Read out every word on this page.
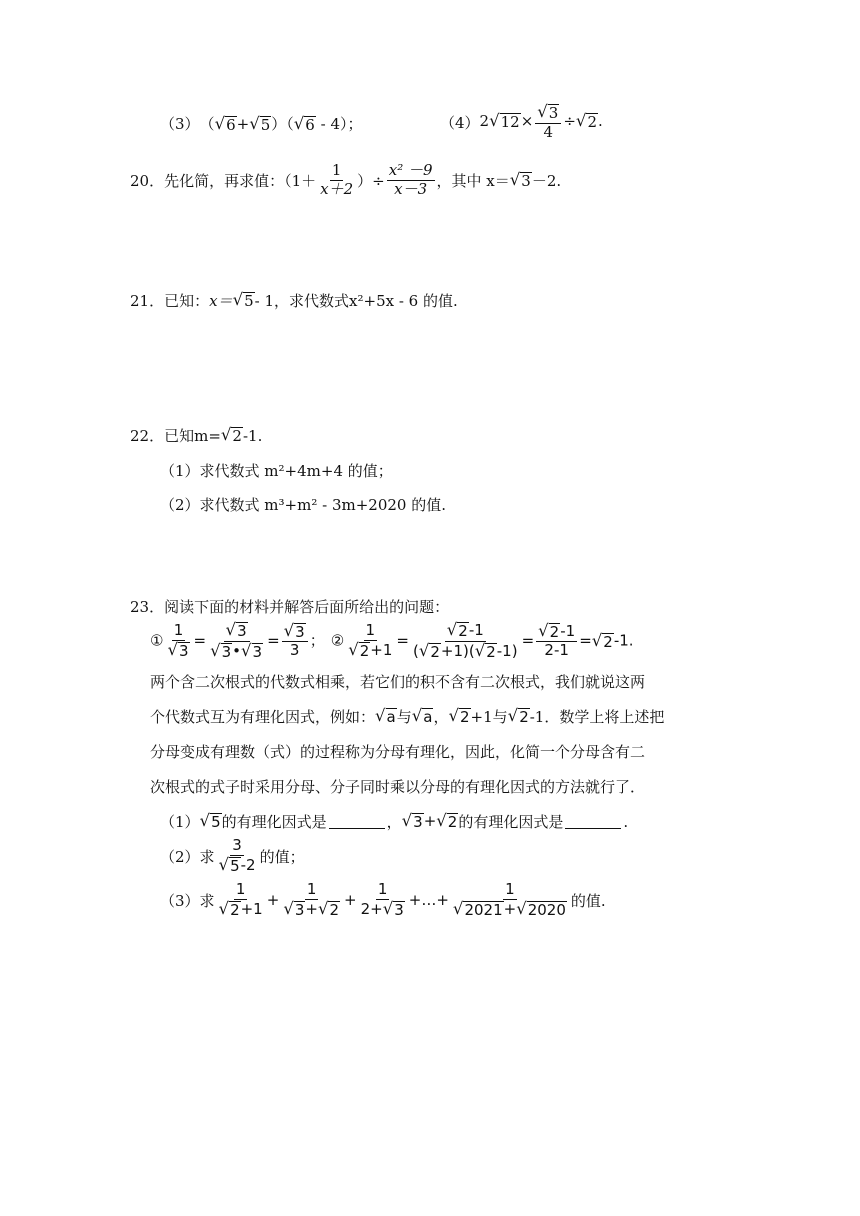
（3） （ √ 6 + √ 5 ）（ √ 6 - 4）；	（4） 2 √ $12 \times \frac{√ 3}{4}$ ÷ √ 2 .
20． 先化简，再求值：（$1+ \frac{1}{x+2}$ ）÷ $\frac{\text{x² －9}}{x-3}$ ，其中 x＝ √ 3 －2.
21． 已知： x＝ √ 5 - 1，求代数式 x²+5x - 6 的值.
22． 已知m= √ 2 -1.
（1）求代数式 m²+4m+4 的值；
（2）求代数式 m³+m² - 3m+2020 的值.
23． 阅读下面的材料并解答后面所给出的问题：
① $\frac{1}{√ 3} = \frac{√ 3}{√ 3 • √ 3} = \frac{√ 3}{3}$ ； ② $\frac{1}{√ 2 +1} = \frac{√ 2 -1}{( √ 2 +1)( √ 2 -1)} = \frac{√ 2 -1}{2-1}$ = √ 2 -1.
两个含二次根式的代数式相乘，若它们的积不含有二次根式，我们就说这两
个代数式互为有理化因式，例如： √ a 与 √ a ， √ 2 +1与 √ 2 -1．数学上将上述把
分母变成有理数（式）的过程称为分母有理化，因此，化简一个分母含有二
次根式的式子时采用分母、分子同时乘以分母的有理化因式的方法就行了．
（1） √ 5 的有理化因式是	， √ 3 + √ 2 的有理化因式是	.
（2）求 $\frac{3}{√ 5 -2}$ 的值；
（3）求 $\frac{1}{√ 2 +1} + \frac{1}{√ 3 + √ 2} + \frac{1}{2+ √ 3}$ +…+ $\frac{1}{√ 2021 + √ 2020}$ 的值.
